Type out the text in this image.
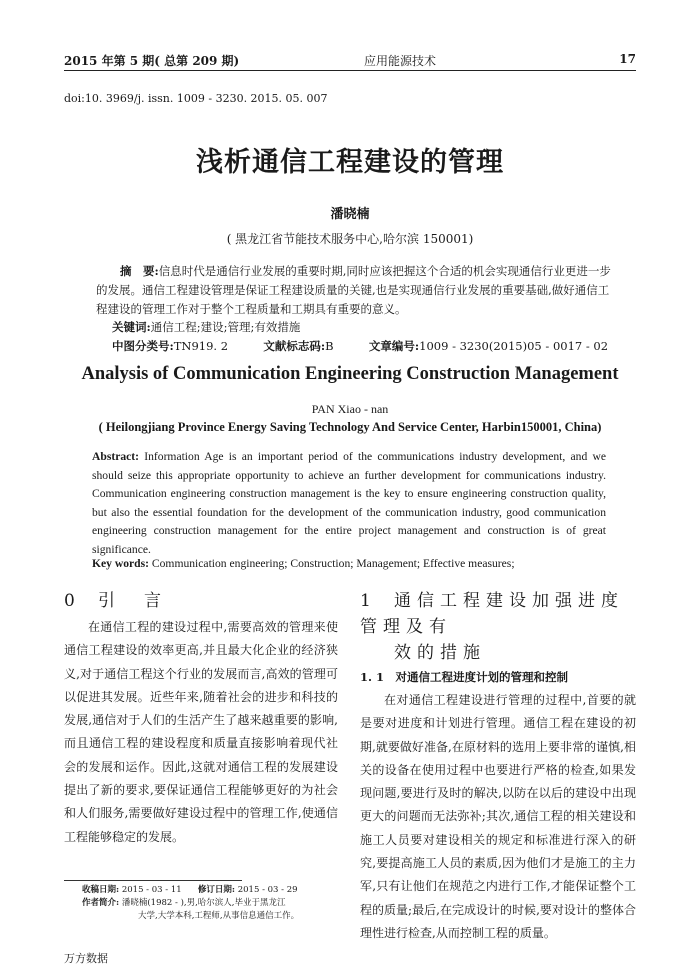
2015 年第 5 期( 总第 209 期)	应用能源技术	17
doi:10. 3969/j. issn. 1009 - 3230. 2015. 05. 007
浅析通信工程建设的管理
潘晓楠
( 黑龙江省节能技术服务中心,哈尔滨 150001)
摘　要:信息时代是通信行业发展的重要时期,同时应该把握这个合适的机会实现通信行业更进一步的发展。通信工程建设管理是保证工程建设质量的关键,也是实现通信行业发展的重要基础,做好通信工程建设的管理工作对于整个工程质量和工期具有重要的意义。
关键词:通信工程;建设;管理;有效措施
中图分类号:TN919. 2	文献标志码:B	文章编号:1009 - 3230(2015)05 - 0017 - 02
Analysis of Communication Engineering Construction Management
PAN Xiao - nan
( Heilongjiang Province Energy Saving Technology And Service Center, Harbin150001, China)
Abstract: Information Age is an important period of the communications industry development, and we should seize this appropriate opportunity to achieve an further development for communications industry. Communication engineering construction management is the key to ensure engineering construction quality, but also the essential foundation for the development of the communication industry, good communication engineering construction management for the entire project management and construction is of great significance.
Key words: Communication engineering; Construction; Management; Effective measures;
0 引　言
在通信工程的建设过程中,需要高效的管理来使通信工程建设的效率更高,并且最大化企业的经济狭义,对于通信工程这个行业的发展而言,高效的管理可以促进其发展。近些年来,随着社会的进步和科技的发展,通信对于人们的生活产生了越来越重要的影响,而且通信工程的建设程度和质量直接影响着现代社会的发展和运作。因此,这就对通信工程的发展建设提出了新的要求,要保证通信工程能够更好的为社会和人们服务,需要做好建设过程中的管理工作,使通信工程能够稳定的发展。
1 通信工程建设加强进度管理及有
效的措施
1. 1　对通信工程进度计划的管理和控制
在对通信工程建设进行管理的过程中,首要的就是要对进度和计划进行管理。通信工程在建设的初期,就要做好准备,在原材料的选用上要非常的谨慎,相关的设备在使用过程中也要进行严格的检查,如果发现问题,要进行及时的解决,以防在以后的建设中出现更大的问题而无法弥补;其次,通信工程的相关建设和施工人员要对建设相关的规定和标准进行深入的研究,要提高施工人员的素质,因为他们才是施工的主力军,只有让他们在规范之内进行工作,才能保证整个工程的质量;最后,在完成设计的时候,要对设计的整体合理性进行检查,从而控制工程的质量。
收稿日期: 2015 - 03 - 11 修订日期: 2015 - 03 - 29
作者简介: 潘晓楠(1982 - ),男,哈尔滨人,毕业于黑龙江
大学,大学本科,工程师,从事信息通信工作。
万方数据
